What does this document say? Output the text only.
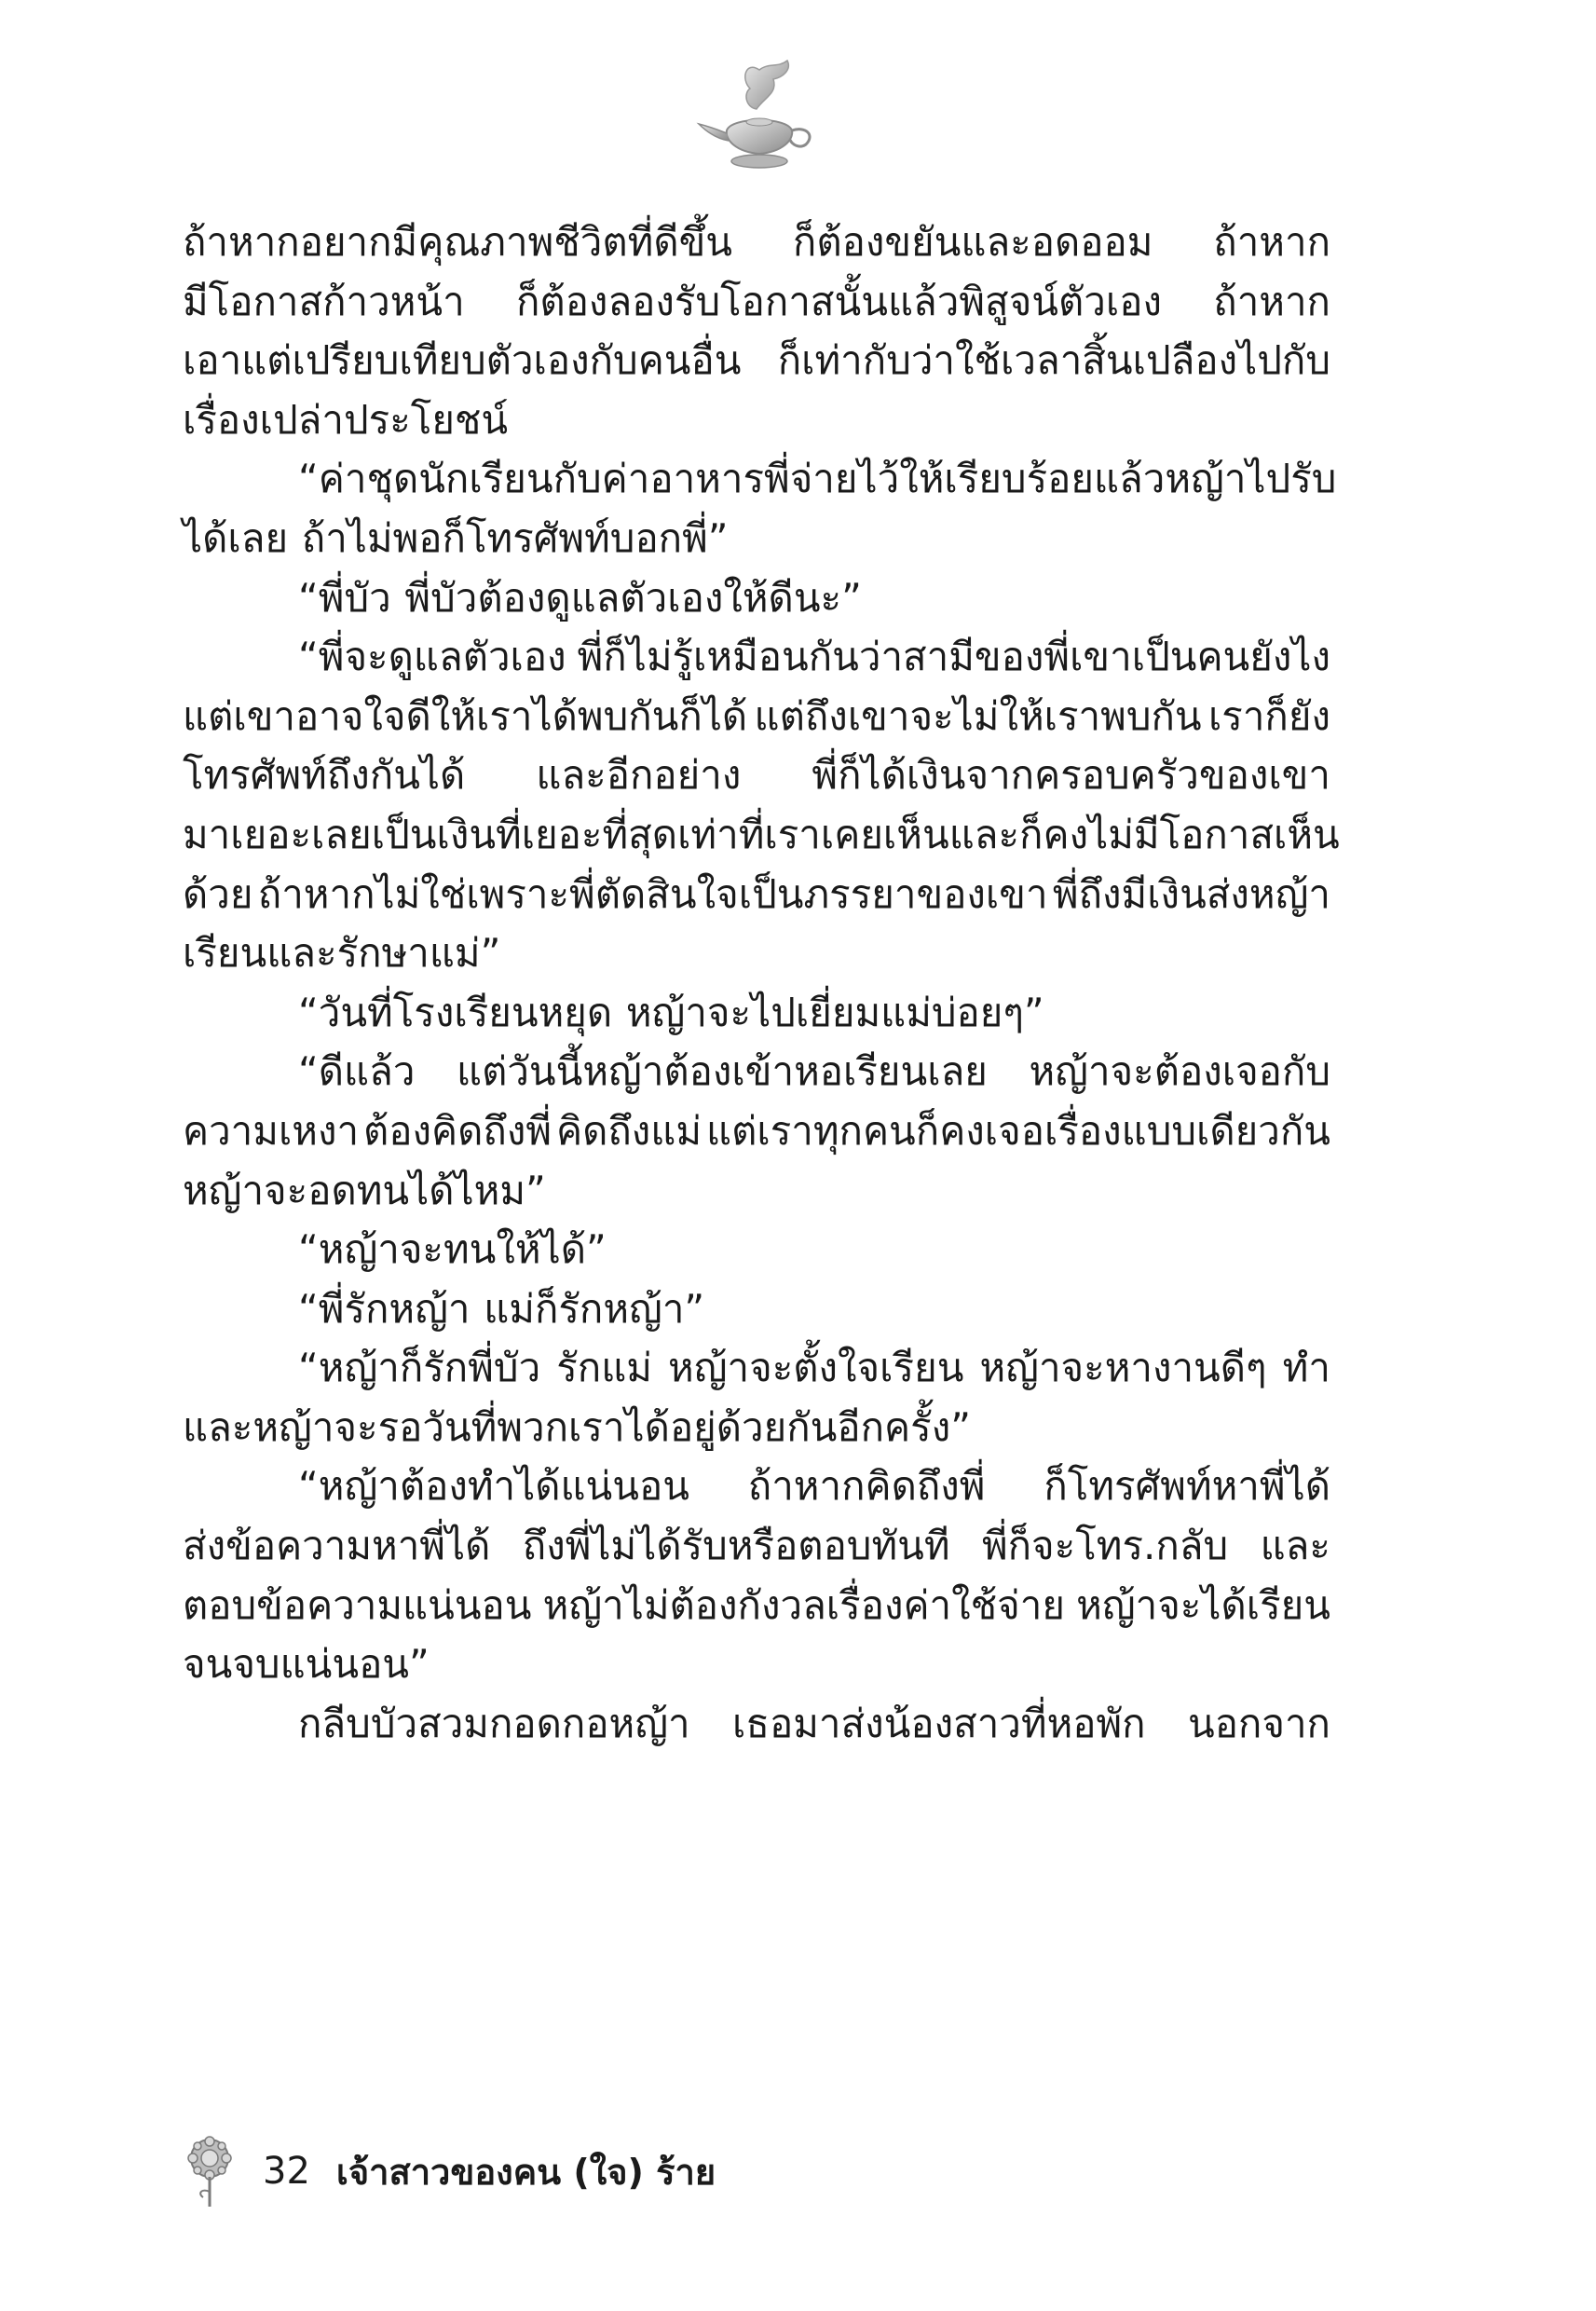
ถ้าหากอยากมีคุณภาพชีวิตที่ดีขึ้น ก็ต้องขยันและอดออม ถ้าหาก
มีโอกาสก้าวหน้า ก็ต้องลองรับโอกาสนั้นแล้วพิสูจน์ตัวเอง ถ้าหาก
เอาแต่เปรียบเทียบตัวเองกับคนอื่น ก็เท่ากับว่าใช้เวลาสิ้นเปลืองไปกับ
เรื่องเปล่าประโยชน์
“ค่าชุดนักเรียนกับค่าอาหาร พี่จ่ายไว้ให้เรียบร้อยแล้ว หญ้าไปรับ
ได้เลย ถ้าไม่พอก็โทรศัพท์บอกพี่”
“พี่บัว พี่บัวต้องดูแลตัวเองให้ดีนะ”
“พี่จะดูแลตัวเอง พี่ก็ไม่รู้เหมือนกันว่าสามีของพี่เขาเป็นคนยังไง
แต่เขาอาจใจดีให้เราได้พบกันก็ได้ แต่ถึงเขาจะไม่ให้เราพบกัน เราก็ยัง
โทรศัพท์ถึงกันได้ และอีกอย่าง พี่ก็ได้เงินจากครอบครัวของเขา
มาเยอะเลย เป็นเงินที่เยอะที่สุดเท่าที่เราเคยเห็น และก็คงไม่มีโอกาสเห็น
ด้วย ถ้าหากไม่ใช่เพราะพี่ตัดสินใจเป็นภรรยาของเขา พี่ถึงมีเงินส่งหญ้า
เรียนและรักษาแม่”
“วันที่โรงเรียนหยุด หญ้าจะไปเยี่ยมแม่บ่อยๆ”
“ดีแล้ว แต่วันนี้หญ้าต้องเข้าหอเรียนเลย หญ้าจะต้องเจอกับ
ความเหงา ต้องคิดถึงพี่ คิดถึงแม่ แต่เราทุกคนก็คงเจอเรื่องแบบเดียวกัน
หญ้าจะอดทนได้ไหม”
“หญ้าจะทนให้ได้”
“พี่รักหญ้า แม่ก็รักหญ้า”
“หญ้าก็รักพี่บัว รักแม่ หญ้าจะตั้งใจเรียน หญ้าจะหางานดีๆ ทำ
และหญ้าจะรอวันที่พวกเราได้อยู่ด้วยกันอีกครั้ง”
“หญ้าต้องทำได้แน่นอน ถ้าหากคิดถึงพี่ ก็โทรศัพท์หาพี่ได้
ส่งข้อความหาพี่ได้ ถึงพี่ไม่ได้รับหรือตอบทันที พี่ก็จะโทร.กลับ และ
ตอบข้อความแน่นอน หญ้าไม่ต้องกังวลเรื่องค่าใช้จ่าย หญ้าจะได้เรียน
จนจบแน่นอน”
กลีบบัวสวมกอดกอหญ้า เธอมาส่งน้องสาวที่หอพัก นอกจาก
32 เจ้าสาวของคน (ใจ) ร้าย
